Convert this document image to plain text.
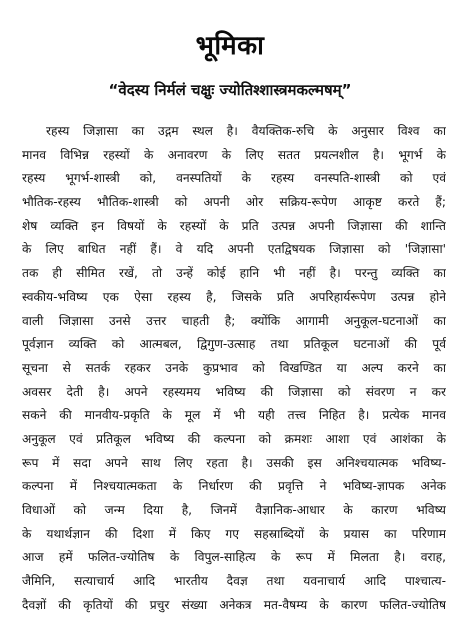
भूमिका
“वेदस्य निर्मलं चक्षुः ज्योतिश्शास्त्रमकल्मषम्”
रहस्य जिज्ञासा का उद्गम स्थल है। वैयक्तिक-रुचि के अनुसार विश्व का
मानव विभिन्न रहस्यों के अनावरण के लिए सतत प्रयत्नशील है। भूगर्भ के
रहस्य भूगर्भ-शास्त्री को, वनस्पतियों के रहस्य वनस्पति-शास्त्री को एवं
भौतिक-रहस्य भौतिक-शास्त्री को अपनी ओर सक्रिय-रूपेण आकृष्ट करते हैं;
शेष व्यक्ति इन विषयों के रहस्यों के प्रति उत्पन्न अपनी जिज्ञासा की शान्ति
के लिए बाधित नहीं हैं। वे यदि अपनी एतद्विषयक जिज्ञासा को 'जिज्ञासा'
तक ही सीमित रखें, तो उन्हें कोई हानि भी नहीं है। परन्तु व्यक्ति का
स्वकीय-भविष्य एक ऐसा रहस्य है, जिसके प्रति अपरिहार्यरूपेण उत्पन्न होने
वाली जिज्ञासा उनसे उत्तर चाहती है; क्योंकि आगामी अनुकूल-घटनाओं का
पूर्वज्ञान व्यक्ति को आत्मबल, द्विगुण-उत्साह तथा प्रतिकूल घटनाओं की पूर्व
सूचना से सतर्क रहकर उनके कुप्रभाव को विखण्डित या अल्प करने का
अवसर देती है। अपने रहस्यमय भविष्य की जिज्ञासा को संवरण न कर
सकने की मानवीय-प्रकृति के मूल में भी यही तत्त्व निहित है। प्रत्येक मानव
अनुकूल एवं प्रतिकूल भविष्य की कल्पना को क्रमशः आशा एवं आशंका के
रूप में सदा अपने साथ लिए रहता है। उसकी इस अनिश्चयात्मक भविष्य-
कल्पना में निश्चयात्मकता के निर्धारण की प्रवृत्ति ने भविष्य-ज्ञापक अनेक
विधाओं को जन्म दिया है, जिनमें वैज्ञानिक-आधार के कारण भविष्य
के यथार्थज्ञान की दिशा में किए गए सहस्राब्दियों के प्रयास का परिणाम
आज हमें फलित-ज्योतिष के विपुल-साहित्य के रूप में मिलता है। वराह,
जैमिनि, सत्याचार्य आदि भारतीय दैवज्ञ तथा यवनाचार्य आदि पाश्चात्य-
दैवज्ञों की कृतियों की प्रचुर संख्या अनेकत्र मत-वैषम्य के कारण फलित-ज्योतिष
